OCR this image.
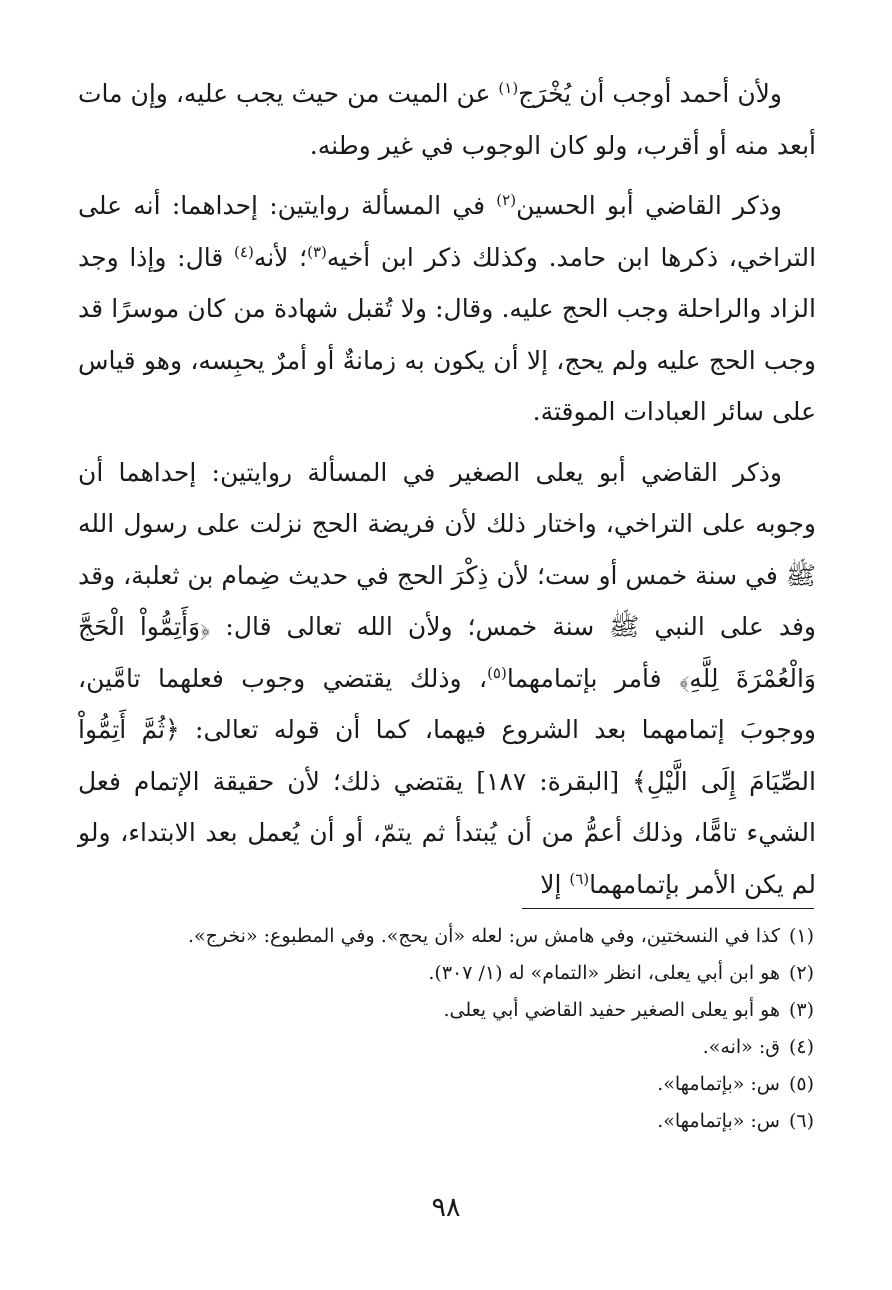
ولأن أحمد أوجب أن يُخْرَج$^{(١)}$ عن الميت من حيث يجب عليه، وإن مات أبعد منه أو أقرب، ولو كان الوجوب في غير وطنه.

وذكر القاضي أبو الحسين$^{(٢)}$ في المسألة روايتين: إحداهما: أنه على التراخي، ذكرها ابن حامد. وكذلك ذكر ابن أخيه$^{(٣)}$؛ لأنه$^{(٤)}$ قال: وإذا وجد الزاد والراحلة وجب الحج عليه. وقال: ولا تُقبل شهادة من كان موسرًا قد وجب الحج عليه ولم يحج، إلا أن يكون به زمانةٌ أو أمرٌ يحبِسه، وهو قياس على سائر العبادات الموقتة.

وذكر القاضي أبو يعلى الصغير في المسألة روايتين: إحداهما أن وجوبه على التراخي، واختار ذلك لأن فريضة الحج نزلت على رسول الله ﷺ في سنة خمس أو ست؛ لأن ذِكْرَ الحج في حديث ضِمام بن ثعلبة، وقد وفد على النبي ﷺ سنة خمس؛ ولأن الله تعالى قال: ﴿وَأَتِمُّواْ الْحَجَّ وَالْعُمْرَةَ لِلَّهِ﴾ فأمر بإتمامهما$^{(٥)}$، وذلك يقتضي وجوب فعلهما تامَّين، ووجوبَ إتمامهما بعد الشروع فيهما، كما أن قوله تعالى: ﴿ثُمَّ أَتِمُّواْ الصِّيَامَ إِلَى الَّيْلِ﴾ [البقرة: ١٨٧] يقتضي ذلك؛ لأن حقيقة الإتمام فعل الشيء تامًّا، وذلك أعمُّ من أن يُبتدأ ثم يتمّ، أو أن يُعمل بعد الابتداء، ولو لم يكن الأمر بإتمامهما$^{(٦)}$ إلا

(١)
كذا في النسختين، وفي هامش س: لعله «أن يحج». وفي المطبوع: «نخرج».
(٢)
هو ابن أبي يعلى، انظر «التمام» له (١/ ٣٠٧).
(٣)
هو أبو يعلى الصغير حفيد القاضي أبي يعلى.
(٤)
ق: «انه».
(٥)
س: «بإتمامها».
(٦)
س: «بإتمامها».
٩٨
